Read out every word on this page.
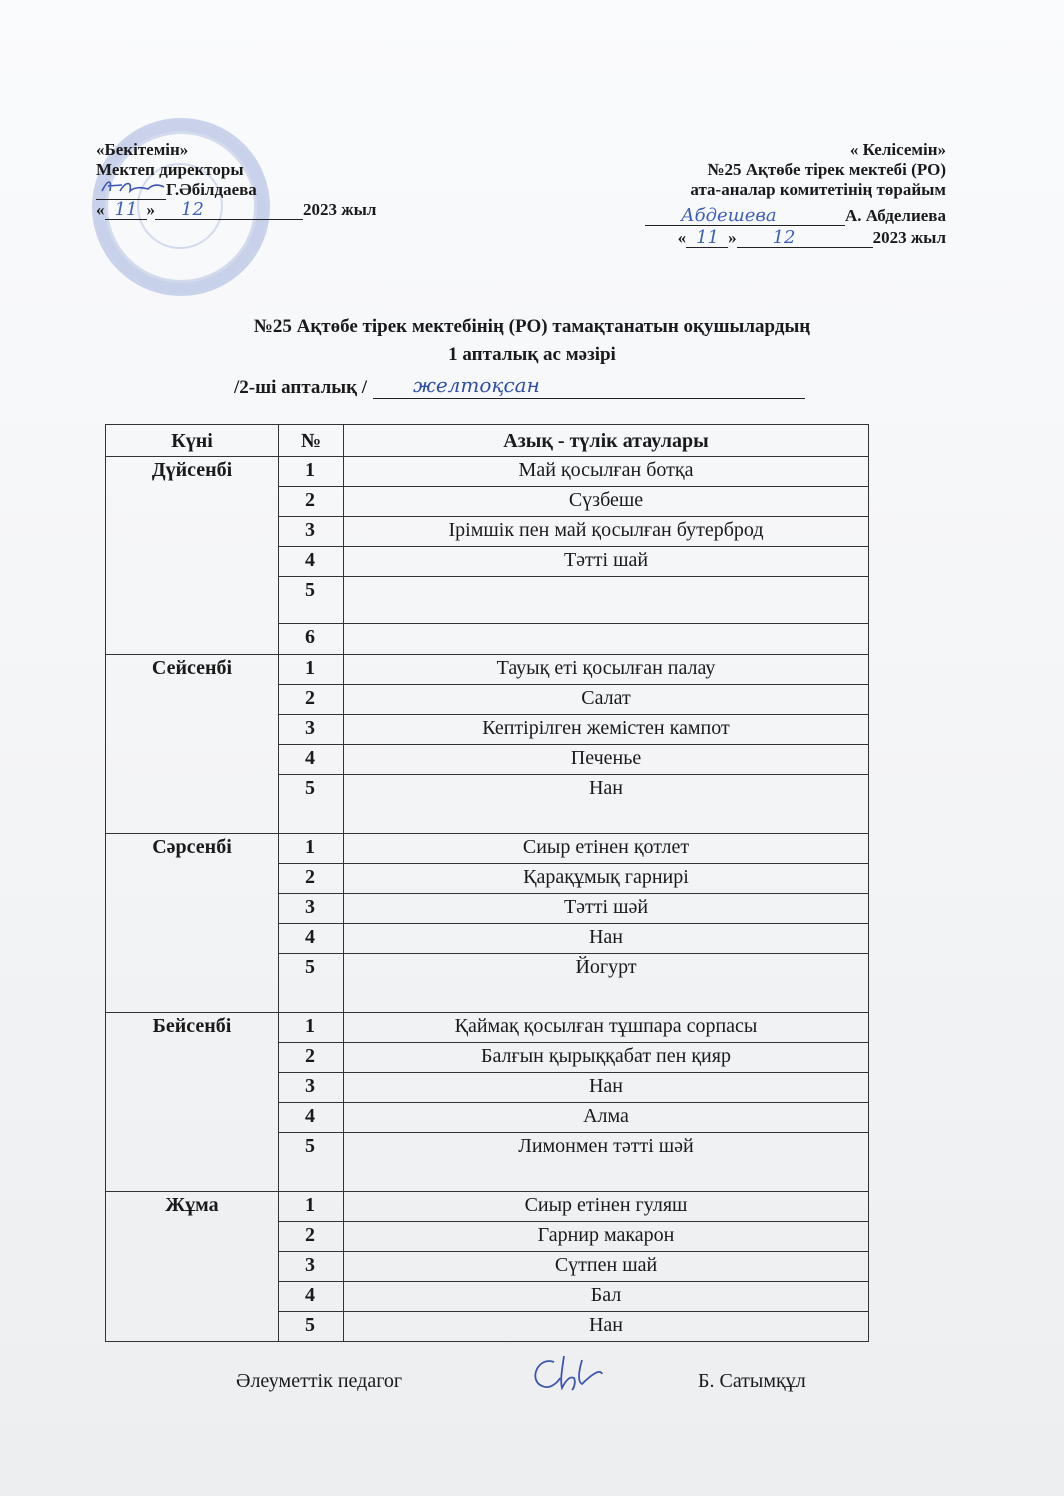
«Бекітемін»
Мектеп директоры
Г.Әбілдаева
« 11 » 12	2023 жыл
« Келісемін»
№25 Ақтөбе тірек мектебі (РО)
ата-аналар комитетінің төрайым
Абдешева	А. Абделиева
« 11 » 12	2023 жыл
№25 Ақтөбе тірек мектебінің (РО) тамақтанатын оқушылардың
1 апталық ас мәзірі
/2-ші апталық / желтоқсан
Күні	№	Азық - түлік атаулары
Дүйсенбі	1	Май қосылған ботқа
	2	Сүзбеше
	3	Ірімшік пен май қосылған бутерброд
	4	Тәтті шай
	5	
	6	
Сейсенбі	1	Тауық еті қосылған палау
	2	Салат
	3	Кептірілген жемістен кампот
	4	Печенье
	5	Нан
Сәрсенбі	1	Сиыр етінен қотлет
	2	Қарақұмық гарнирі
	3	Тәтті шәй
	4	Нан
	5	Йогурт
Бейсенбі	1	Қаймақ қосылған тұшпара сорпасы
	2	Балғын қырыққабат пен қияр
	3	Нан
	4	Алма
	5	Лимонмен тәтті шәй
Жұма	1	Сиыр етінен гуляш
	2	Гарнир макарон
	3	Сүтпен шай
	4	Бал
	5	Нан
Әлеуметтік педагог	Б. Сатымқұл
